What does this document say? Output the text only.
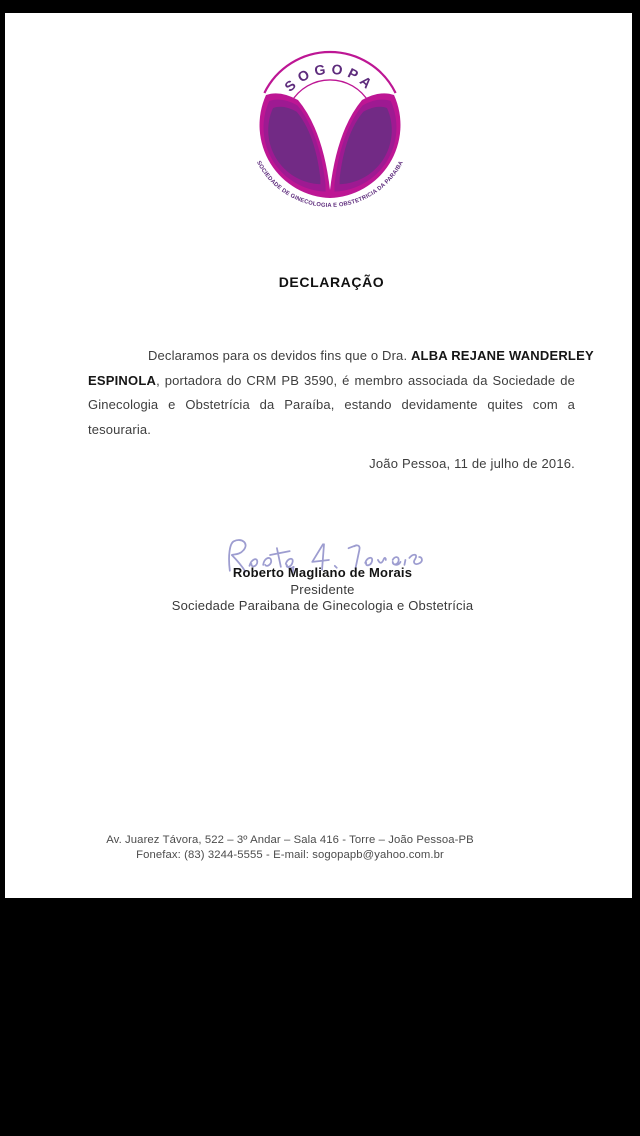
SOGOPA
SOCIEDADE DE GINECOLOGIA E OBSTETRICIA DA PARAIBA
DECLARAÇÃO
Declaramos para os devidos fins que o Dra. ALBA REJANE WANDERLEY
ESPINOLA, portadora do CRM PB 3590, é membro associada da Sociedade de
Ginecologia e Obstetrícia da Paraíba, estando devidamente quites com a
tesouraria.
João Pessoa, 11 de julho de 2016.
Roberto Magliano de Morais
Presidente
Sociedade Paraibana de Ginecologia e Obstetrícia
Av. Juarez Távora, 522 – 3º Andar – Sala 416 - Torre – João Pessoa-PB
Fonefax: (83) 3244-5555 - E-mail: sogopapb@yahoo.com.br
